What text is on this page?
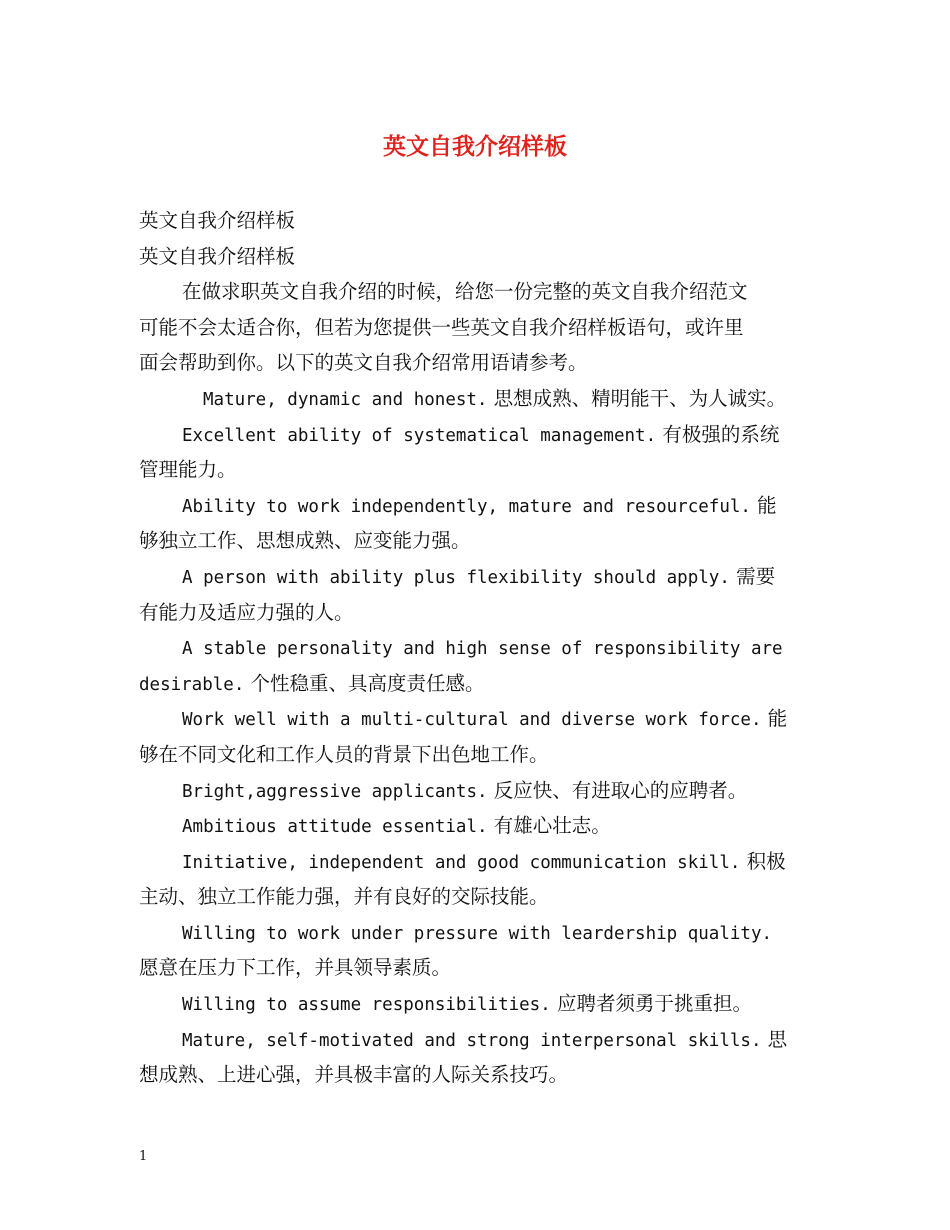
英文自我介绍样板
英文自我介绍样板
英文自我介绍样板
在做求职英文自我介绍的时候，给您一份完整的英文自我介绍范文
可能不会太适合你，但若为您提供一些英文自我介绍样板语句，或许里
面会帮助到你。以下的英文自我介绍常用语请参考。
Mature, dynamic and honest. 思想成熟、精明能干、为人诚实。
Excellent ability of systematical management. 有极强的系统
管理能力。
Ability to work independently, mature and resourceful. 能
够独立工作、思想成熟、应变能力强。
A person with ability plus flexibility should apply. 需要
有能力及适应力强的人。
A stable personality and high sense of responsibility are
desirable. 个性稳重、具高度责任感。
Work well with a multi-cultural and diverse work force. 能
够在不同文化和工作人员的背景下出色地工作。
Bright,aggressive applicants. 反应快、有进取心的应聘者。
Ambitious attitude essential. 有雄心壮志。
Initiative, independent and good communication skill. 积极
主动、独立工作能力强，并有良好的交际技能。
Willing to work under pressure with leardership quality.
愿意在压力下工作，并具领导素质。
Willing to assume responsibilities. 应聘者须勇于挑重担。
Mature, self-motivated and strong interpersonal skills. 思
想成熟、上进心强，并具极丰富的人际关系技巧。
1
